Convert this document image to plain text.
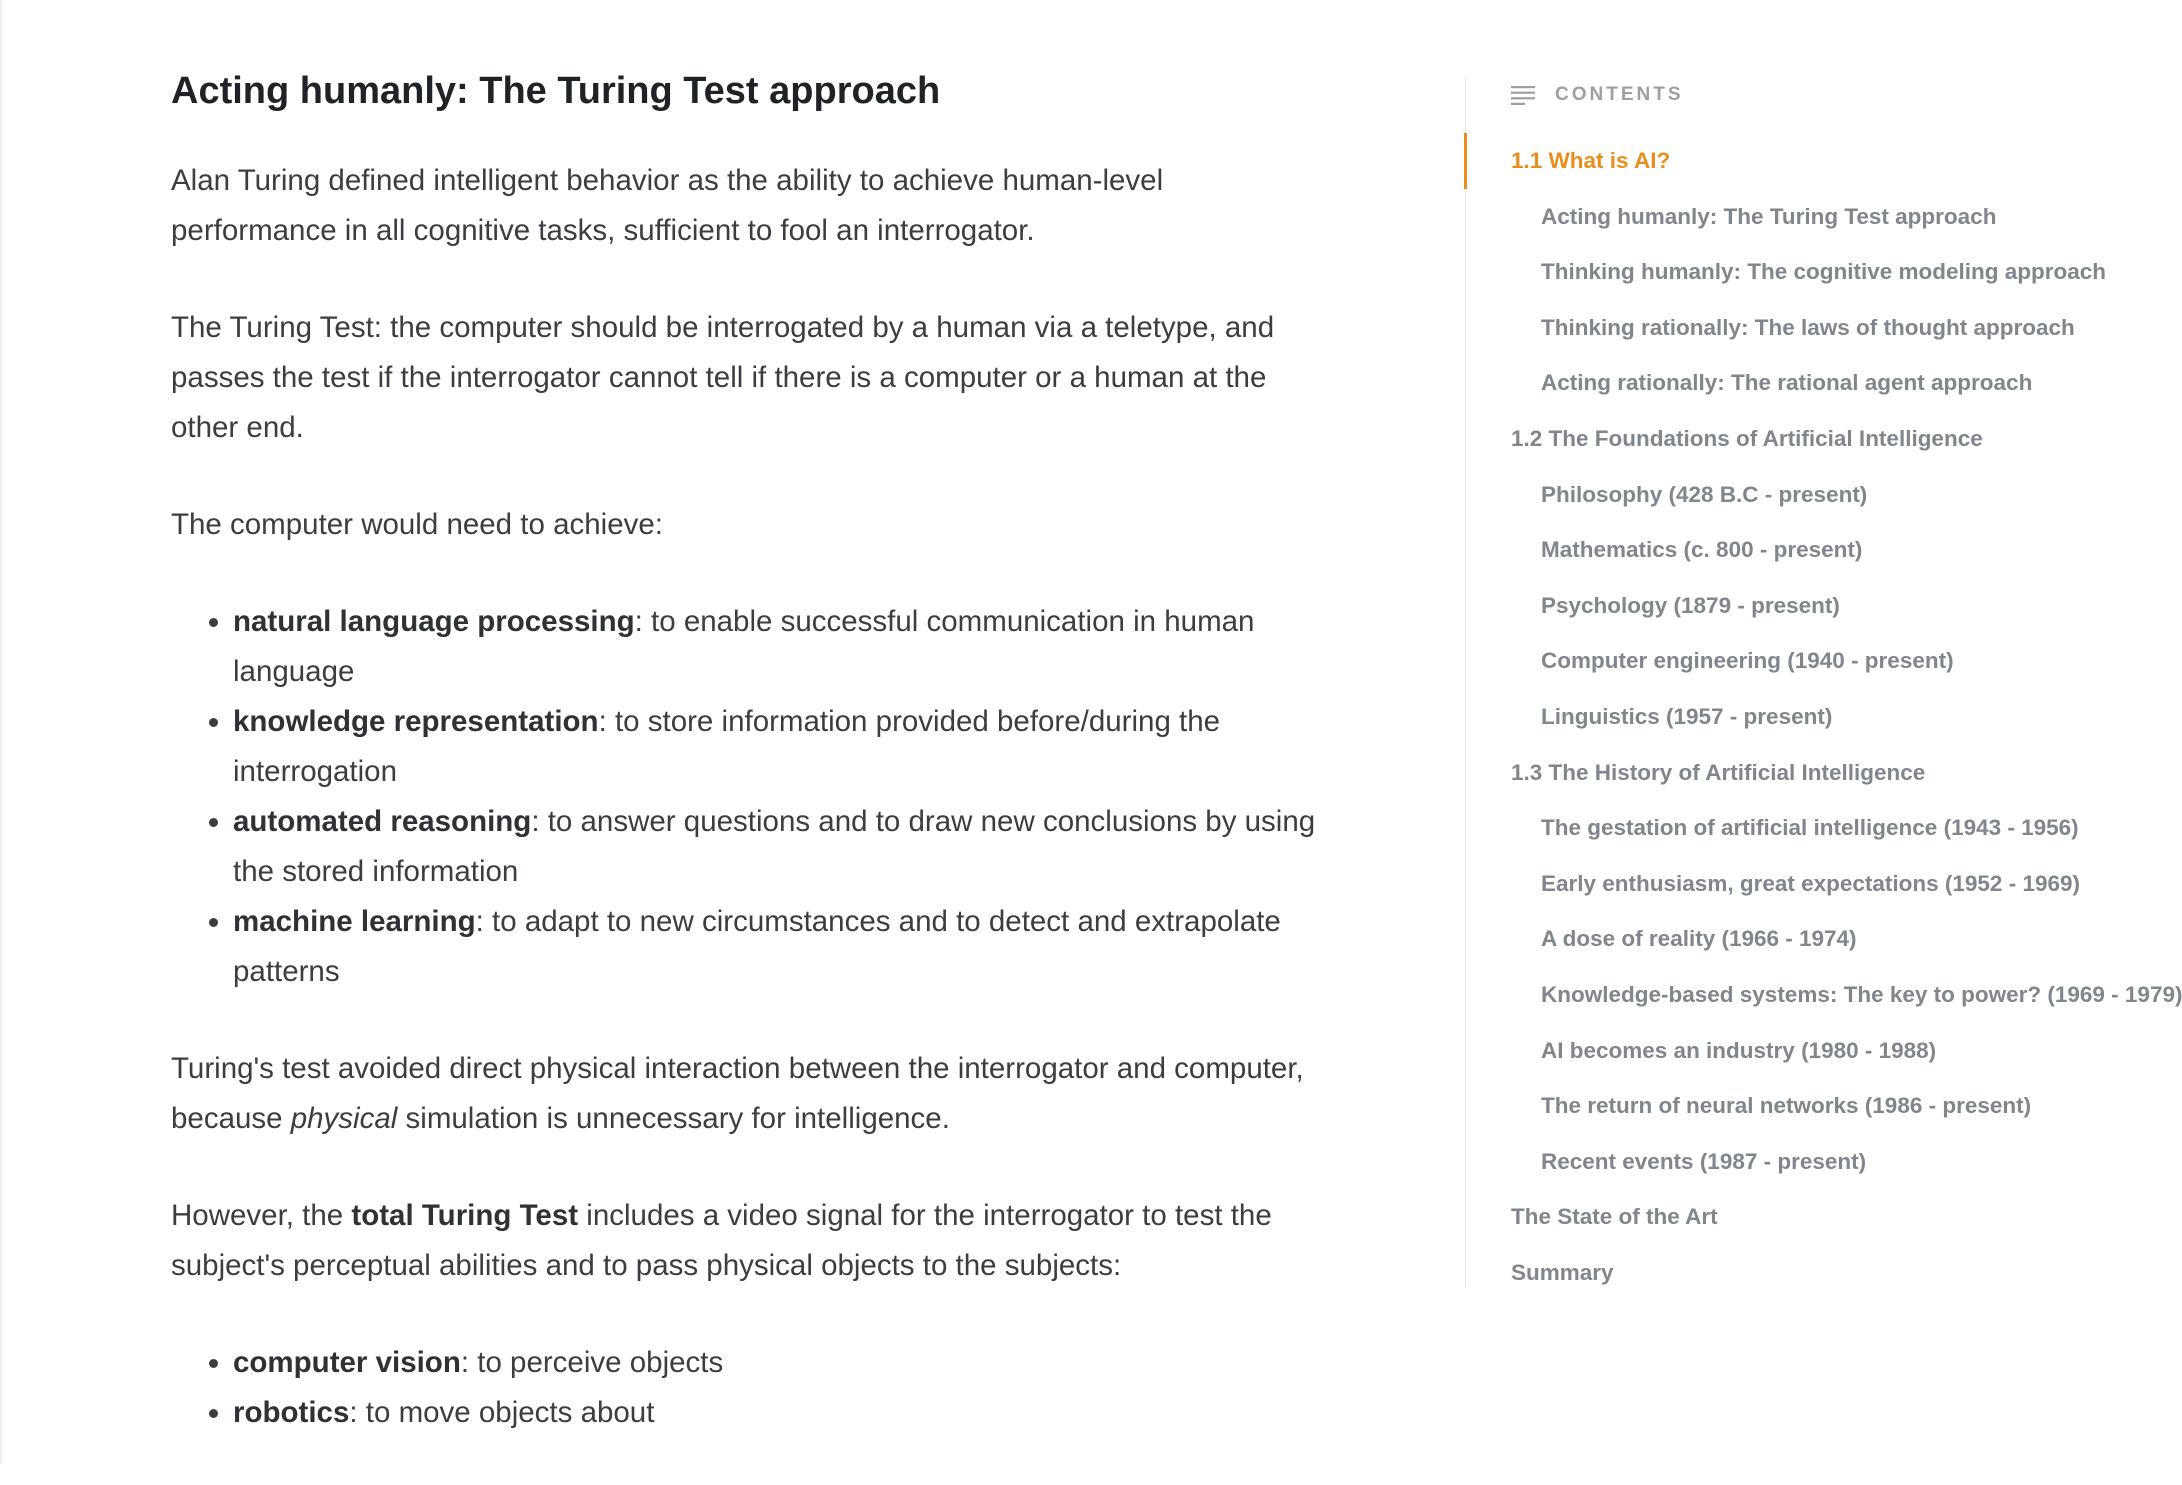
Acting humanly: The Turing Test approach

Alan Turing defined intelligent behavior as the ability to achieve human-level performance in all cognitive tasks, sufficient to fool an interrogator.

The Turing Test: the computer should be interrogated by a human via a teletype, and passes the test if the interrogator cannot tell if there is a computer or a human at the other end.

The computer would need to achieve:

• natural language processing: to enable successful communication in human language
• knowledge representation: to store information provided before/during the interrogation
• automated reasoning: to answer questions and to draw new conclusions by using the stored information
• machine learning: to adapt to new circumstances and to detect and extrapolate patterns

Turing's test avoided direct physical interaction between the interrogator and computer, because physical simulation is unnecessary for intelligence.

However, the total Turing Test includes a video signal for the interrogator to test the subject's perceptual abilities and to pass physical objects to the subjects:

• computer vision: to perceive objects
• robotics: to move objects about
CONTENTS
1.1 What is AI?
Acting humanly: The Turing Test approach
Thinking humanly: The cognitive modeling approach
Thinking rationally: The laws of thought approach
Acting rationally: The rational agent approach
1.2 The Foundations of Artificial Intelligence
Philosophy (428 B.C - present)
Mathematics (c. 800 - present)
Psychology (1879 - present)
Computer engineering (1940 - present)
Linguistics (1957 - present)
1.3 The History of Artificial Intelligence
The gestation of artificial intelligence (1943 - 1956)
Early enthusiasm, great expectations (1952 - 1969)
A dose of reality (1966 - 1974)
Knowledge-based systems: The key to power? (1969 - 1979)
AI becomes an industry (1980 - 1988)
The return of neural networks (1986 - present)
Recent events (1987 - present)
The State of the Art
Summary
